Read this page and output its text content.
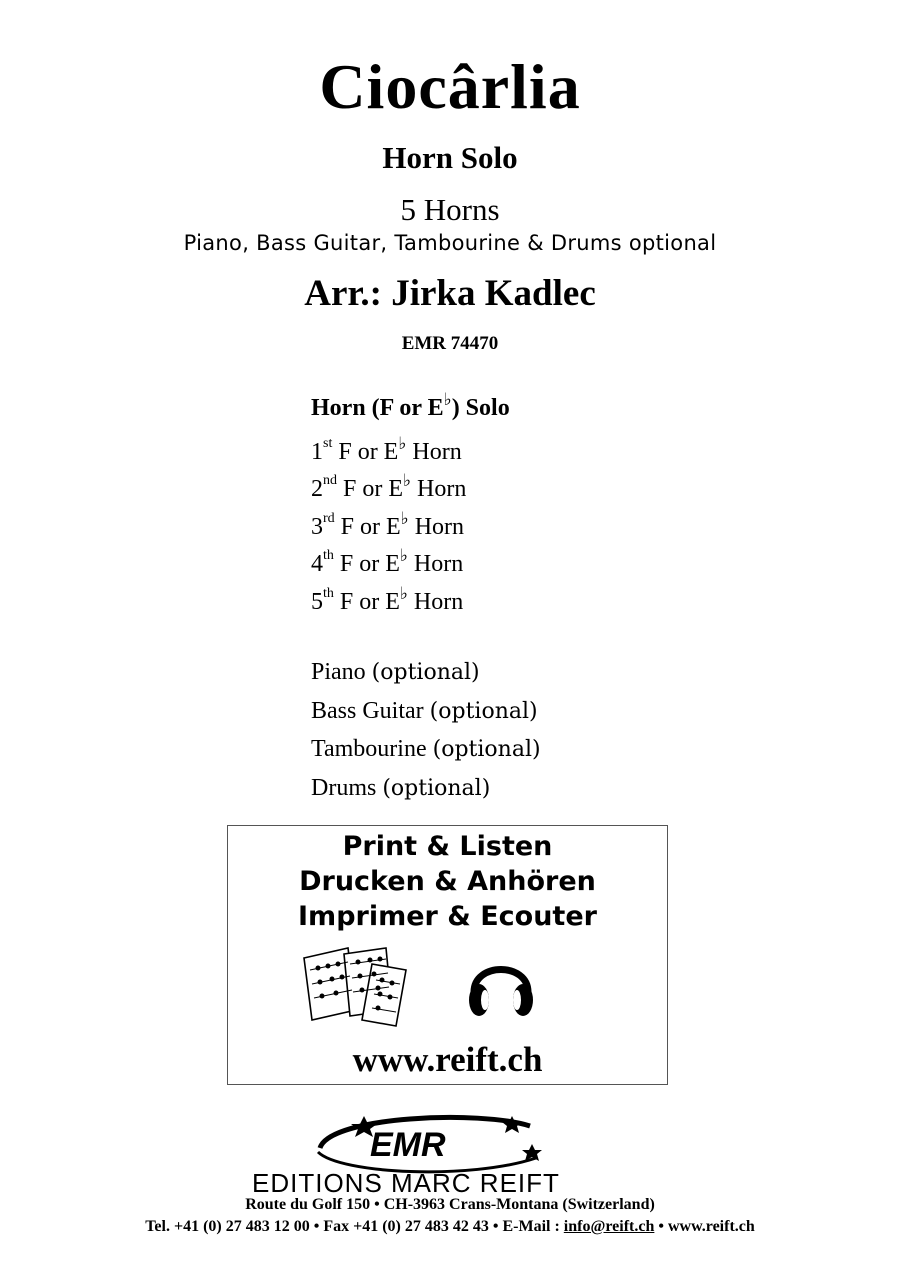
Ciocârlia
Horn Solo
5 Horns
Piano, Bass Guitar, Tambourine & Drums optional
Arr.: Jirka Kadlec
EMR 74470
Horn (F or E♭) Solo
1st F or E♭ Horn
2nd F or E♭ Horn
3rd F or E♭ Horn
4th F or E♭ Horn
5th F or E♭ Horn
Piano (optional)
Bass Guitar (optional)
Tambourine (optional)
Drums (optional)
Print & Listen
Drucken & Anhören
Imprimer & Ecouter
www.reift.ch
EMR
EDITIONS MARC REIFT
Route du Golf 150 • CH-3963 Crans-Montana (Switzerland)
Tel. +41 (0) 27 483 12 00 • Fax +41 (0) 27 483 42 43 • E-Mail : info@reift.ch • www.reift.ch
